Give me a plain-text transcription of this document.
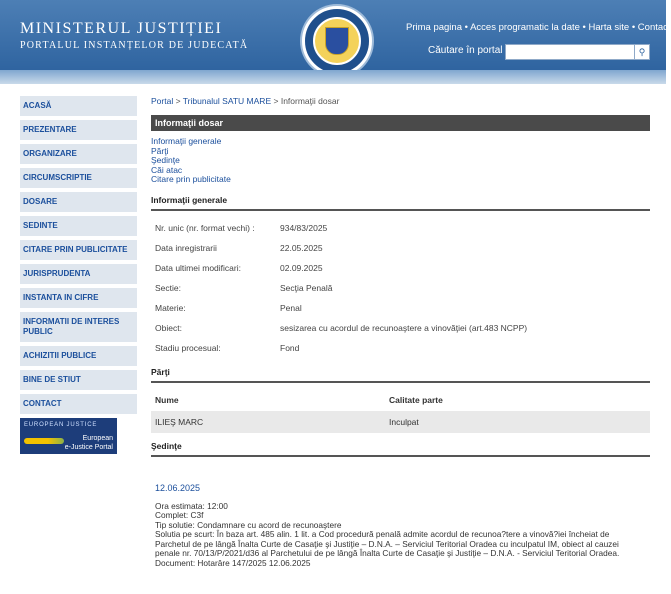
MINISTERUL JUSTIȚIEI
PORTALUL INSTANȚELOR DE JUDECATĂ
Prima pagina • Acces programatic la date • Harta site • Contact
Căutare în portal	⚲
ACASĂ
PREZENTARE
ORGANIZARE
CIRCUMSCRIPTIE
DOSARE
SEDINTE
CITARE PRIN PUBLICITATE
JURISPRUDENTA
INSTANTA IN CIFRE
INFORMATII DE INTERES PUBLIC
ACHIZITII PUBLICE
BINE DE STIUT
CONTACT
EUROPEAN JUSTICE
European
e-Justice Portal
Portal > Tribunalul SATU MARE > Informaţii dosar
Informaţii dosar
Informaţii generale
Părţi
Şedinţe
Căi atac
Citare prin publicitate
Informaţii generale
Nr. unic (nr. format vechi) :	934/83/2025
Data inregistrarii	22.05.2025
Data ultimei modificari:	02.09.2025
Sectie:	Secţia Penală
Materie:	Penal
Obiect:	sesizarea cu acordul de recunoaştere a vinovăţiei (art.483 NCPP)
Stadiu procesual:	Fond
Părţi
Nume	Calitate parte
ILIEŞ MARC	Inculpat
Şedinţe
12.06.2025
Ora estimata: 12:00
Complet: C3f
Tip solutie: Condamnare cu acord de recunoaştere
Solutia pe scurt: În baza art. 485 alin. 1 lit. a Cod procedură penală admite acordul de recunoa?tere a vinovă?iei încheiat de
Parchetul de pe lângă Înalta Curte de Casaţie şi Justiţie – D.N.A. – Serviciul Teritorial Oradea cu inculpatul IM, obiect al cauzei
penale nr. 70/13/P/2021/d36 al Parchetului de pe lângă Înalta Curte de Casaţie şi Justiţie – D.N.A. - Serviciul Teritorial Oradea.
Document: Hotarâre 147/2025 12.06.2025
